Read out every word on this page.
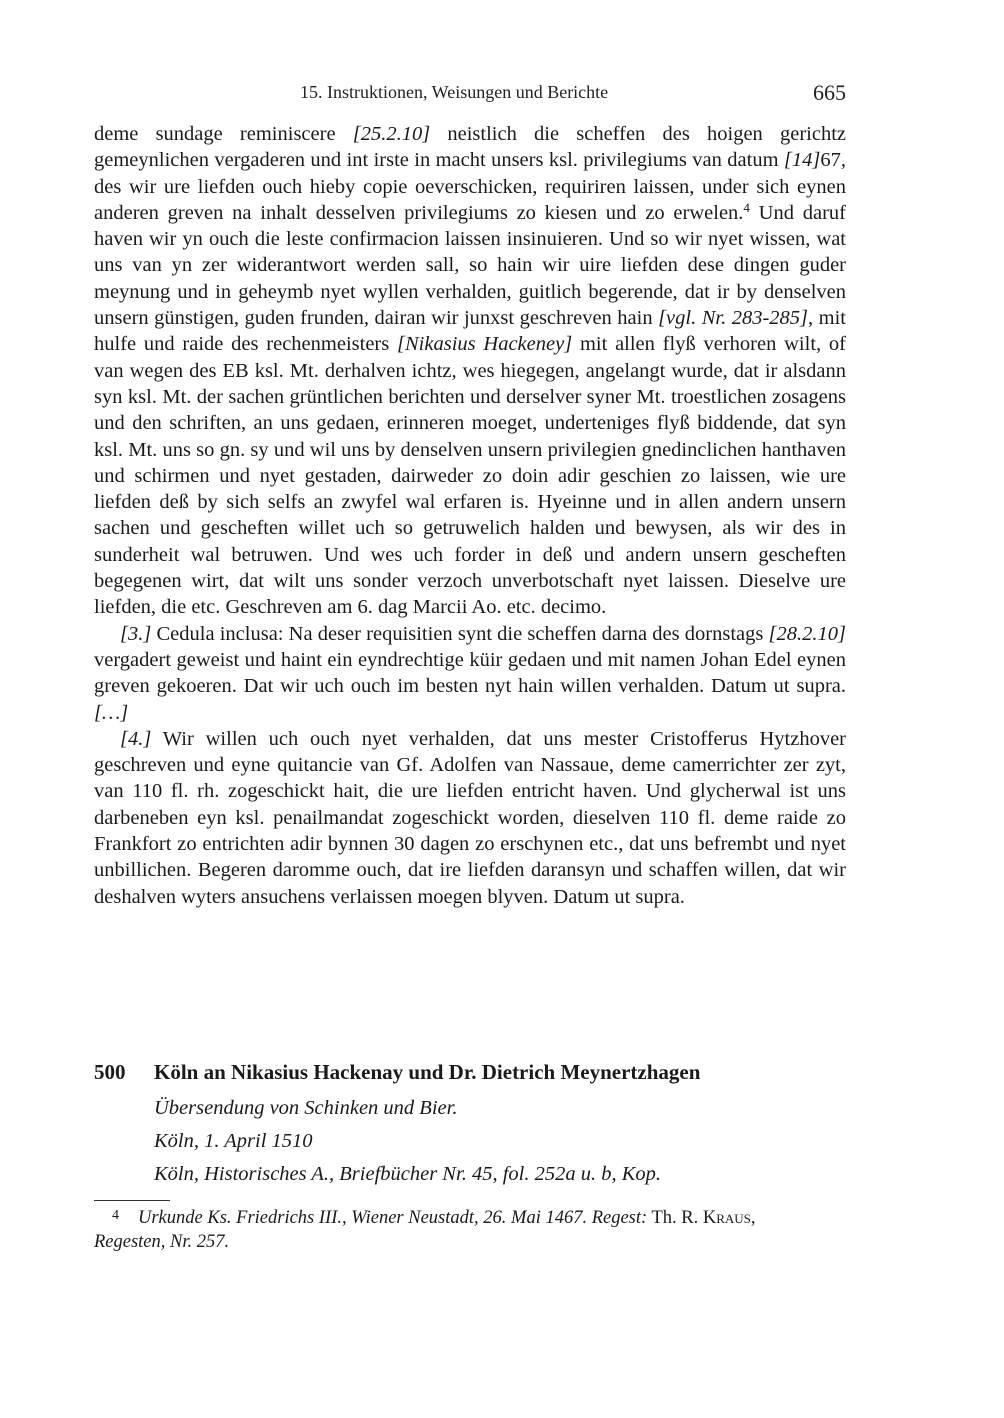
15. Instruktionen, Weisungen und Berichte	665

deme sundage reminiscere [25.2.10] neistlich die scheffen des hoigen gerichtz gemeynlichen vergaderen und int irste in macht unsers ksl. privilegiums van datum [14]67, des wir ure liefden ouch hieby copie oeverschicken, requiriren laissen, under sich eynen anderen greven na inhalt desselven privilegiums zo kiesen und zo erwelen.$^4$ Und daruf haven wir yn ouch die leste confirmacion laissen insinuieren. Und so wir nyet wissen, wat uns van yn zer widerantwort werden sall, so hain wir uire liefden dese dingen guder meynung und in geheymb nyet wyllen verhalden, guitlich begerende, dat ir by denselven unsern günstigen, guden frunden, dairan wir junxst geschreven hain [vgl. Nr. 283-285], mit hulfe und raide des rechenmeisters [Nikasius Hackeney] mit allen flyß verhoren wilt, of van wegen des EB ksl. Mt. derhalven ichtz, wes hiegegen, angelangt wurde, dat ir alsdann syn ksl. Mt. der sachen grüntlichen berichten und derselver syner Mt. troestlichen zosagens und den schriften, an uns gedaen, erinneren moeget, underteniges flyß biddende, dat syn ksl. Mt. uns so gn. sy und wil uns by denselven unsern privilegien gnedinclichen hanthaven und schirmen und nyet gestaden, dairweder zo doin adir geschien zo laissen, wie ure liefden deß by sich selfs an zwyfel wal erfaren is. Hyeinne und in allen andern unsern sachen und gescheften willet uch so getruwelich halden und bewysen, als wir des in sunderheit wal betruwen. Und wes uch forder in deß und andern unsern gescheften begegenen wirt, dat wilt uns sonder verzoch unverbotschaft nyet laissen. Dieselve ure liefden, die etc. Geschreven am 6. dag Marcii Ao. etc. decimo.

[3.] Cedula inclusa: Na deser requisitien synt die scheffen darna des dornstags [28.2.10] vergadert geweist und haint ein eyndrechtige küir gedaen und mit namen Johan Edel eynen greven gekoeren. Dat wir uch ouch im besten nyt hain willen verhalden. Datum ut supra. […]

[4.] Wir willen uch ouch nyet verhalden, dat uns mester Cristofferus Hytzhover geschreven und eyne quitancie van Gf. Adolfen van Nassaue, deme camerrichter zer zyt, van 110 fl. rh. zogeschickt hait, die ure liefden entricht haven. Und glycherwal ist uns darbeneben eyn ksl. penailmandat zogeschickt worden, dieselven 110 fl. deme raide zo Frankfort zo entrichten adir bynnen 30 dagen zo erschynen etc., dat uns befrembt und nyet unbillichen. Begeren daromme ouch, dat ire liefden daransyn und schaffen willen, dat wir deshalven wyters ansuchens verlaissen moegen blyven. Datum ut supra.

500 Köln an Nikasius Hackenay und Dr. Dietrich Meynertzhagen
Übersendung von Schinken und Bier.
Köln, 1. April 1510
Köln, Historisches A., Briefbücher Nr. 45, fol. 252a u. b, Kop.
4 Urkunde Ks. Friedrichs III., Wiener Neustadt, 26. Mai 1467. Regest: Th. R. Kraus,
Regesten, Nr. 257.
